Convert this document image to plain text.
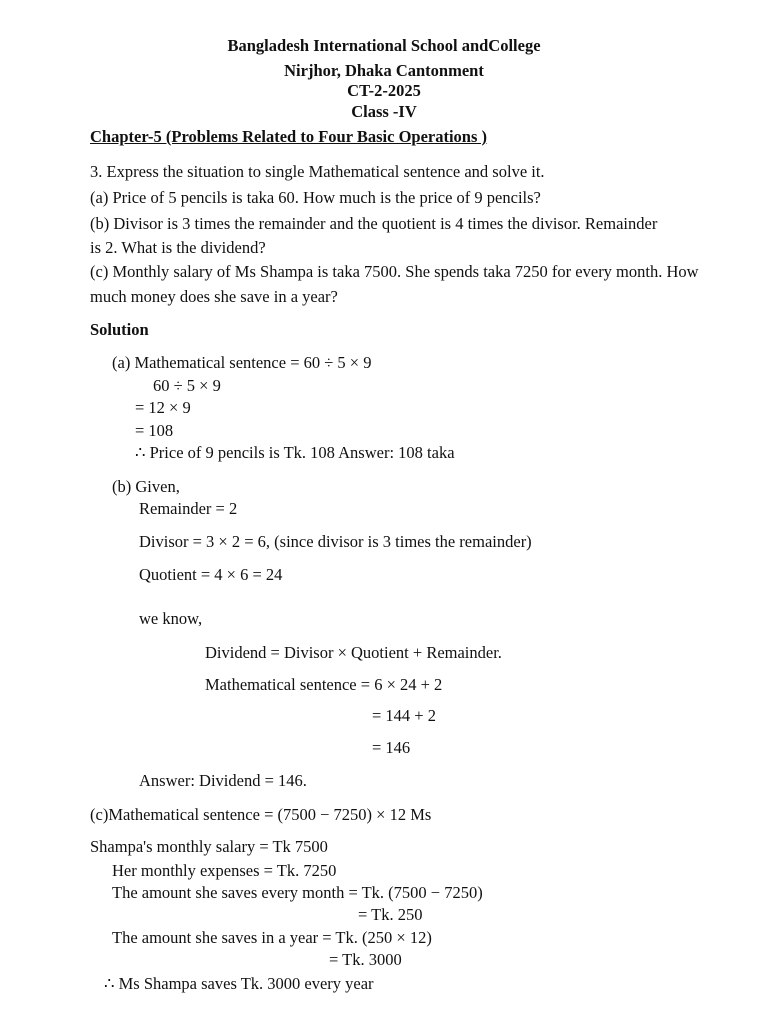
Bangladesh International School andCollege
Nirjhor, Dhaka Cantonment
CT-2-2025
Class -IV
Chapter-5 (Problems Related to Four Basic Operations )
3. Express the situation to single Mathematical sentence and solve it.
(a) Price of 5 pencils is taka 60. How much is the price of 9 pencils?
(b) Divisor is 3 times the remainder and the quotient is 4 times the divisor. Remainder
is 2. What is the dividend?
(c) Monthly salary of Ms Shampa is taka 7500. She spends taka 7250 for every month. How
much money does she save in a year?
Solution
(a) Mathematical sentence = 60 ÷ 5 × 9
60 ÷ 5 × 9
= 12 × 9
= 108
∴ Price of 9 pencils is Tk. 108 Answer: 108 taka
(b) Given,
Remainder = 2
Divisor = 3 × 2 = 6, (since divisor is 3 times the remainder)
Quotient = 4 × 6 = 24
we know,
Dividend = Divisor × Quotient + Remainder.
Mathematical sentence = 6 × 24 + 2
= 144 + 2
= 146
Answer: Dividend = 146.
(c)Mathematical sentence = (7500 − 7250) × 12 Ms
Shampa's monthly salary = Tk 7500
Her monthly expenses = Tk. 7250
The amount she saves every month = Tk. (7500 − 7250)
= Tk. 250
The amount she saves in a year = Tk. (250 × 12)
= Tk. 3000
∴ Ms Shampa saves Tk. 3000 every year
